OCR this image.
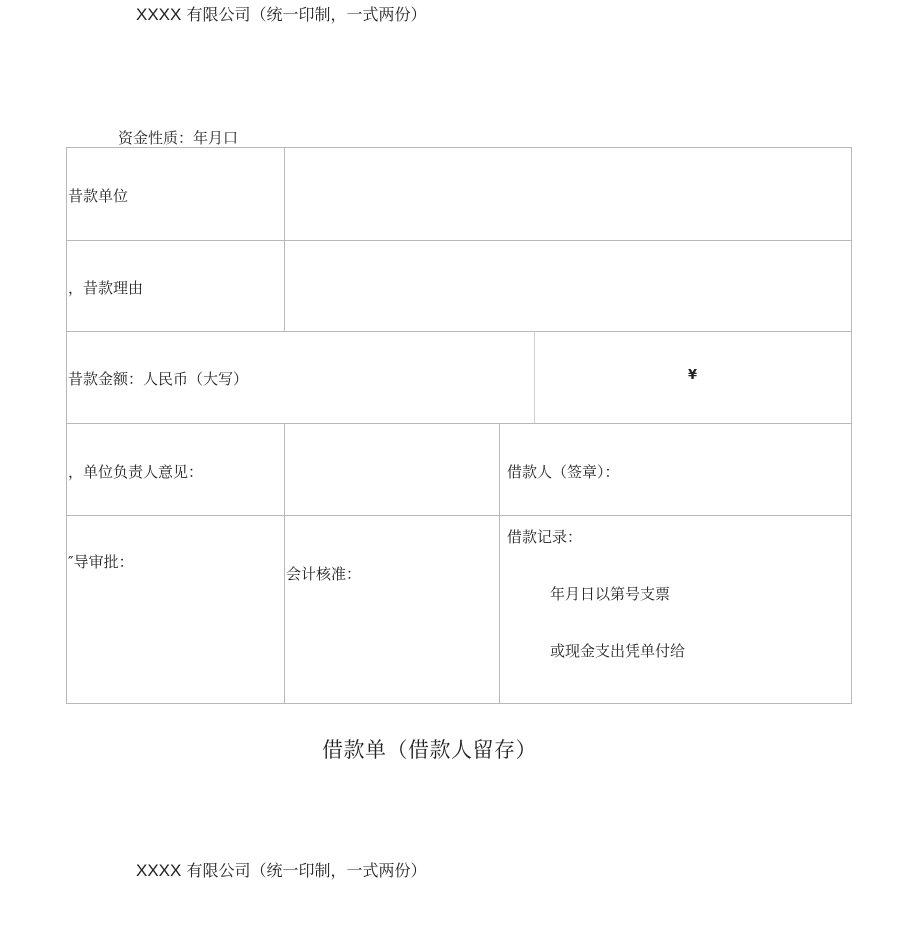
XXXX 有限公司（统一印制，一式两份）
资金性质：年月口
昔款单位
，昔款理由
昔款金额：人民币（大写）	¥
，单位负责人意见：	借款人（签章）：
″导审批：
会计核准：
借款记录：
年月日以第号支票
或现金支出凭单付给
借款单（借款人留存）
XXXX 有限公司（统一印制，一式两份）
